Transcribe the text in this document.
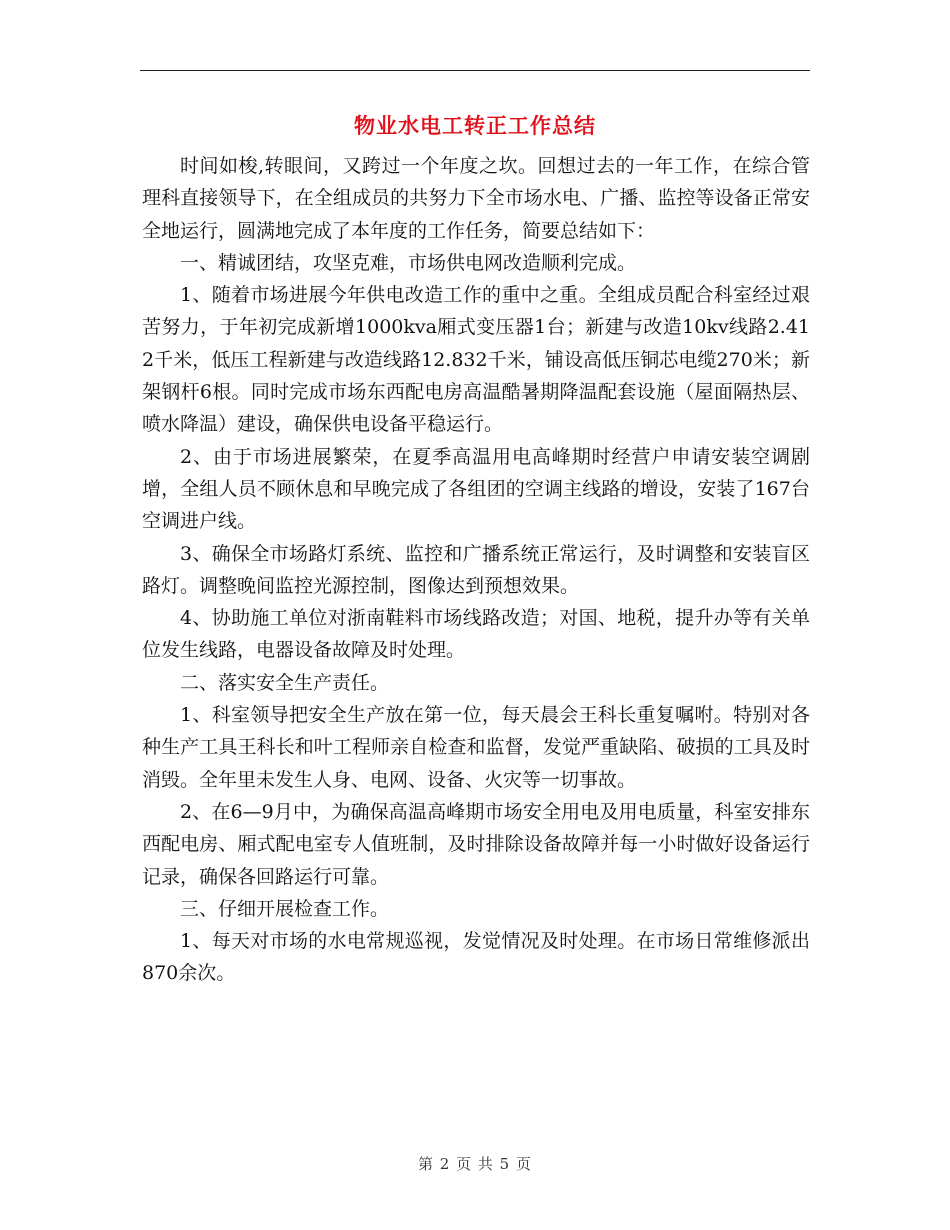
物业水电工转正工作总结

时间如梭,转眼间，又跨过一个年度之坎。回想过去的一年工作，在综合管理科直接领导下，在全组成员的共努力下全市场水电、广播、监控等设备正常安全地运行，圆满地完成了本年度的工作任务，简要总结如下：

一、精诚团结，攻坚克难，市场供电网改造顺利完成。

1、随着市场进展今年供电改造工作的重中之重。全组成员配合科室经过艰苦努力，于年初完成新增1000kva厢式变压器1台；新建与改造10kv线路2.412千米，低压工程新建与改造线路12.832千米，铺设高低压铜芯电缆270米；新架钢杆6根。同时完成市场东西配电房高温酷暑期降温配套设施（屋面隔热层、喷水降温）建设，确保供电设备平稳运行。

2、由于市场进展繁荣，在夏季高温用电高峰期时经营户申请安装空调剧增，全组人员不顾休息和早晚完成了各组团的空调主线路的增设，安装了167台空调进户线。

3、确保全市场路灯系统、监控和广播系统正常运行，及时调整和安装盲区路灯。调整晚间监控光源控制，图像达到预想效果。

4、协助施工单位对浙南鞋料市场线路改造；对国、地税，提升办等有关单位发生线路，电器设备故障及时处理。

二、落实安全生产责任。

1、科室领导把安全生产放在第一位，每天晨会王科长重复嘱咐。特别对各种生产工具王科长和叶工程师亲自检查和监督，发觉严重缺陷、破损的工具及时消毁。全年里未发生人身、电网、设备、火灾等一切事故。

2、在6—9月中，为确保高温高峰期市场安全用电及用电质量，科室安排东西配电房、厢式配电室专人值班制，及时排除设备故障并每一小时做好设备运行记录，确保各回路运行可靠。

三、仔细开展检查工作。

1、每天对市场的水电常规巡视，发觉情况及时处理。在市场日常维修派出870余次。

第 2 页 共 5 页
